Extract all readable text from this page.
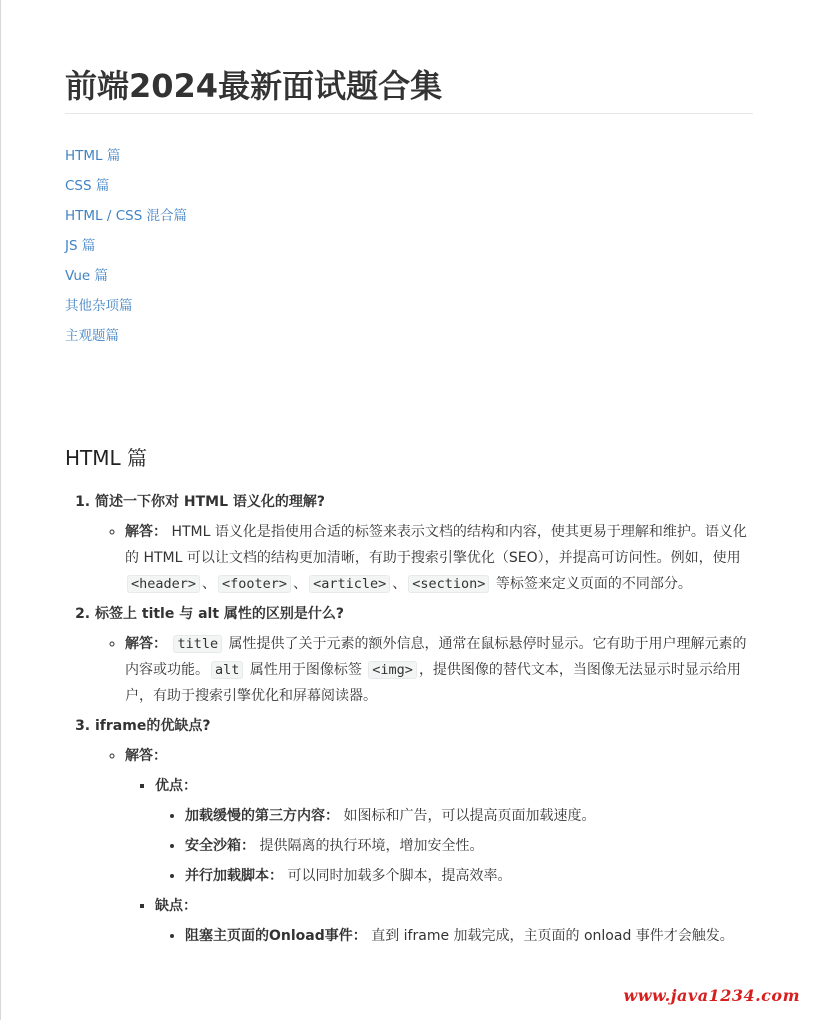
前端2024最新面试题合集
HTML 篇
CSS 篇
HTML / CSS 混合篇
JS 篇
Vue 篇
其他杂项篇
主观题篇
HTML 篇
1. 简述一下你对 HTML 语义化的理解?
◦ 解答： HTML 语义化是指使用合适的标签来表示文档的结构和内容，使其更易于理解和维护。语义化的 HTML 可以让文档的结构更加清晰，有助于搜索引擎优化（SEO），并提高可访问性。例如，使用 <header> 、 <footer> 、 <article> 、 <section> 等标签来定义页面的不同部分。
2. 标签上 title 与 alt 属性的区别是什么?
◦ 解答： title 属性提供了关于元素的额外信息，通常在鼠标悬停时显示。它有助于用户理解元素的内容或功能。 alt 属性用于图像标签 <img> ，提供图像的替代文本，当图像无法显示时显示给用户，有助于搜索引擎优化和屏幕阅读器。
3. iframe的优缺点?
◦ 解答：
▪ 优点：
• 加载缓慢的第三方内容： 如图标和广告，可以提高页面加载速度。
• 安全沙箱： 提供隔离的执行环境，增加安全性。
• 并行加载脚本： 可以同时加载多个脚本，提高效率。
▪ 缺点：
• 阻塞主页面的Onload事件： 直到 iframe 加载完成，主页面的 onload 事件才会触发。
www.java1234.com
